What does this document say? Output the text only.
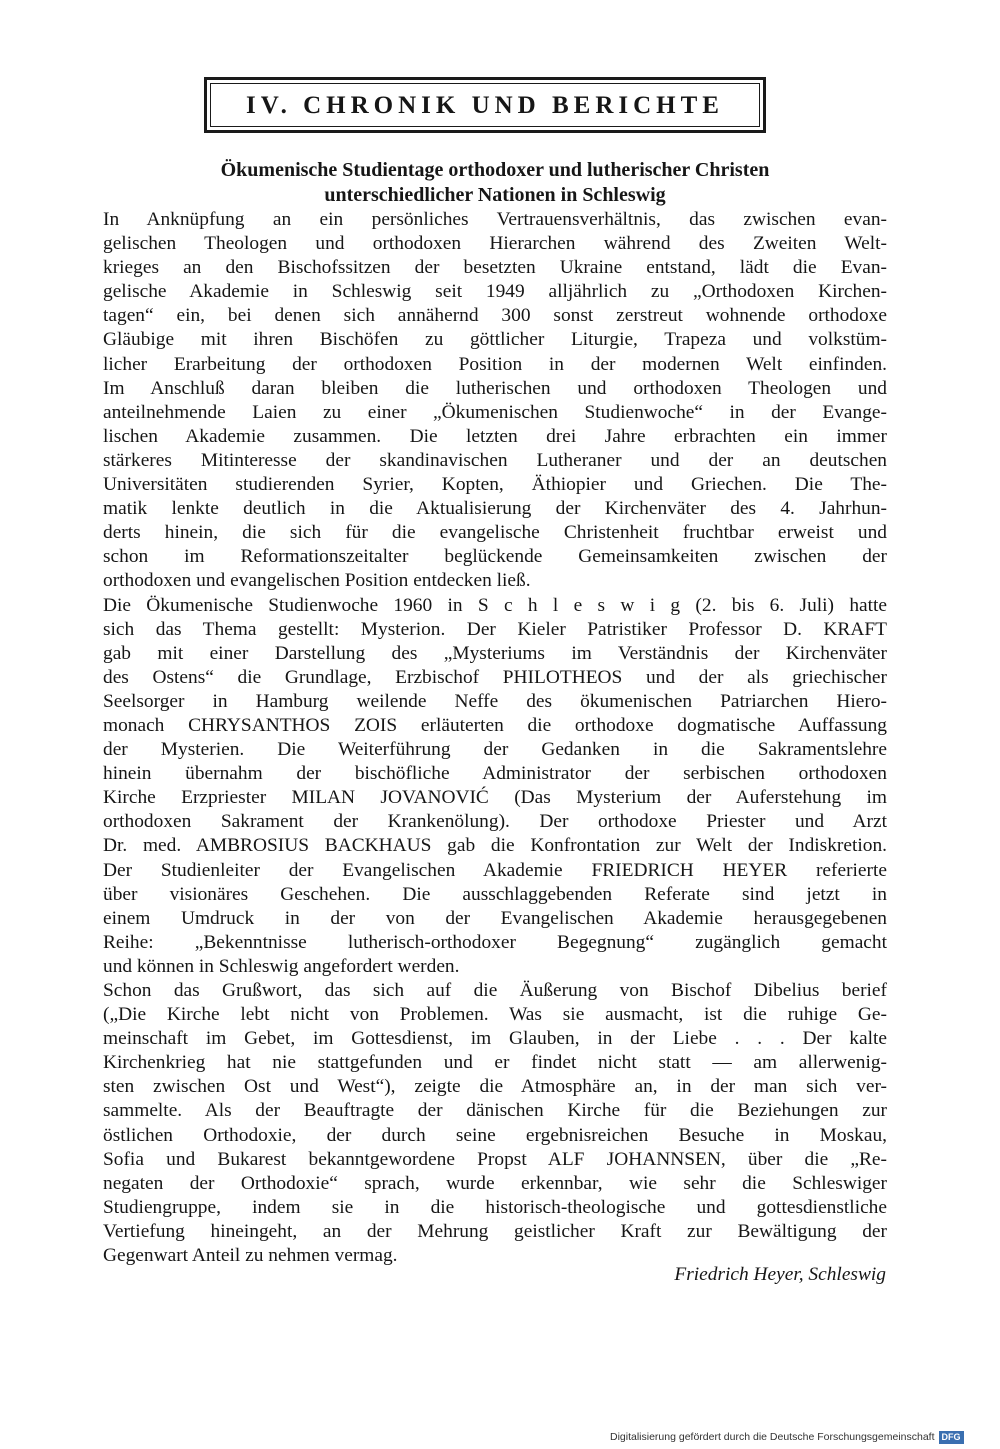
IV. CHRONIK UND BERICHTE
Ökumenische Studientage orthodoxer und lutherischer Christen
unterschiedlicher Nationen in Schleswig
In Anknüpfung an ein persönliches Vertrauensverhältnis, das zwischen evan-
gelischen Theologen und orthodoxen Hierarchen während des Zweiten Welt-
krieges an den Bischofssitzen der besetzten Ukraine entstand, lädt die Evan-
gelische Akademie in Schleswig seit 1949 alljährlich zu „Orthodoxen Kirchen-
tagen“ ein, bei denen sich annähernd 300 sonst zerstreut wohnende orthodoxe
Gläubige mit ihren Bischöfen zu göttlicher Liturgie, Trapeza und volkstüm-
licher Erarbeitung der orthodoxen Position in der modernen Welt einfinden.
Im Anschluß daran bleiben die lutherischen und orthodoxen Theologen und
anteilnehmende Laien zu einer „Ökumenischen Studienwoche“ in der Evange-
lischen Akademie zusammen. Die letzten drei Jahre erbrachten ein immer
stärkeres Mitinteresse der skandinavischen Lutheraner und der an deutschen
Universitäten studierenden Syrier, Kopten, Äthiopier und Griechen. Die The-
matik lenkte deutlich in die Aktualisierung der Kirchenväter des 4. Jahrhun-
derts hinein, die sich für die evangelische Christenheit fruchtbar erweist und
schon im Reformationszeitalter beglückende Gemeinsamkeiten zwischen der
orthodoxen und evangelischen Position entdecken ließ.
Die Ökumenische Studienwoche 1960 in S c h l e s w i g (2. bis 6. Juli) hatte
sich das Thema gestellt: Mysterion. Der Kieler Patristiker Professor D. KRAFT
gab mit einer Darstellung des „Mysteriums im Verständnis der Kirchenväter
des Ostens“ die Grundlage, Erzbischof PHILOTHEOS und der als griechischer
Seelsorger in Hamburg weilende Neffe des ökumenischen Patriarchen Hiero-
monach CHRYSANTHOS ZOIS erläuterten die orthodoxe dogmatische Auffassung
der Mysterien. Die Weiterführung der Gedanken in die Sakramentslehre
hinein übernahm der bischöfliche Administrator der serbischen orthodoxen
Kirche Erzpriester MILAN JOVANOVIĆ (Das Mysterium der Auferstehung im
orthodoxen Sakrament der Krankenölung). Der orthodoxe Priester und Arzt
Dr. med. AMBROSIUS BACKHAUS gab die Konfrontation zur Welt der Indiskretion.
Der Studienleiter der Evangelischen Akademie FRIEDRICH HEYER referierte
über visionäres Geschehen. Die ausschlaggebenden Referate sind jetzt in
einem Umdruck in der von der Evangelischen Akademie herausgegebenen
Reihe: „Bekenntnisse lutherisch-orthodoxer Begegnung“ zugänglich gemacht
und können in Schleswig angefordert werden.
Schon das Grußwort, das sich auf die Äußerung von Bischof Dibelius berief
(„Die Kirche lebt nicht von Problemen. Was sie ausmacht, ist die ruhige Ge-
meinschaft im Gebet, im Gottesdienst, im Glauben, in der Liebe . . . Der kalte
Kirchenkrieg hat nie stattgefunden und er findet nicht statt — am allerwenig-
sten zwischen Ost und West“), zeigte die Atmosphäre an, in der man sich ver-
sammelte. Als der Beauftragte der dänischen Kirche für die Beziehungen zur
östlichen Orthodoxie, der durch seine ergebnisreichen Besuche in Moskau,
Sofia und Bukarest bekanntgewordene Propst ALF JOHANNSEN, über die „Re-
negaten der Orthodoxie“ sprach, wurde erkennbar, wie sehr die Schleswiger
Studiengruppe, indem sie in die historisch-theologische und gottesdienstliche
Vertiefung hineingeht, an der Mehrung geistlicher Kraft zur Bewältigung der
Gegenwart Anteil zu nehmen vermag.
Friedrich Heyer, Schleswig
Digitalisierung gefördert durch die Deutsche Forschungsgemeinschaft DFG
